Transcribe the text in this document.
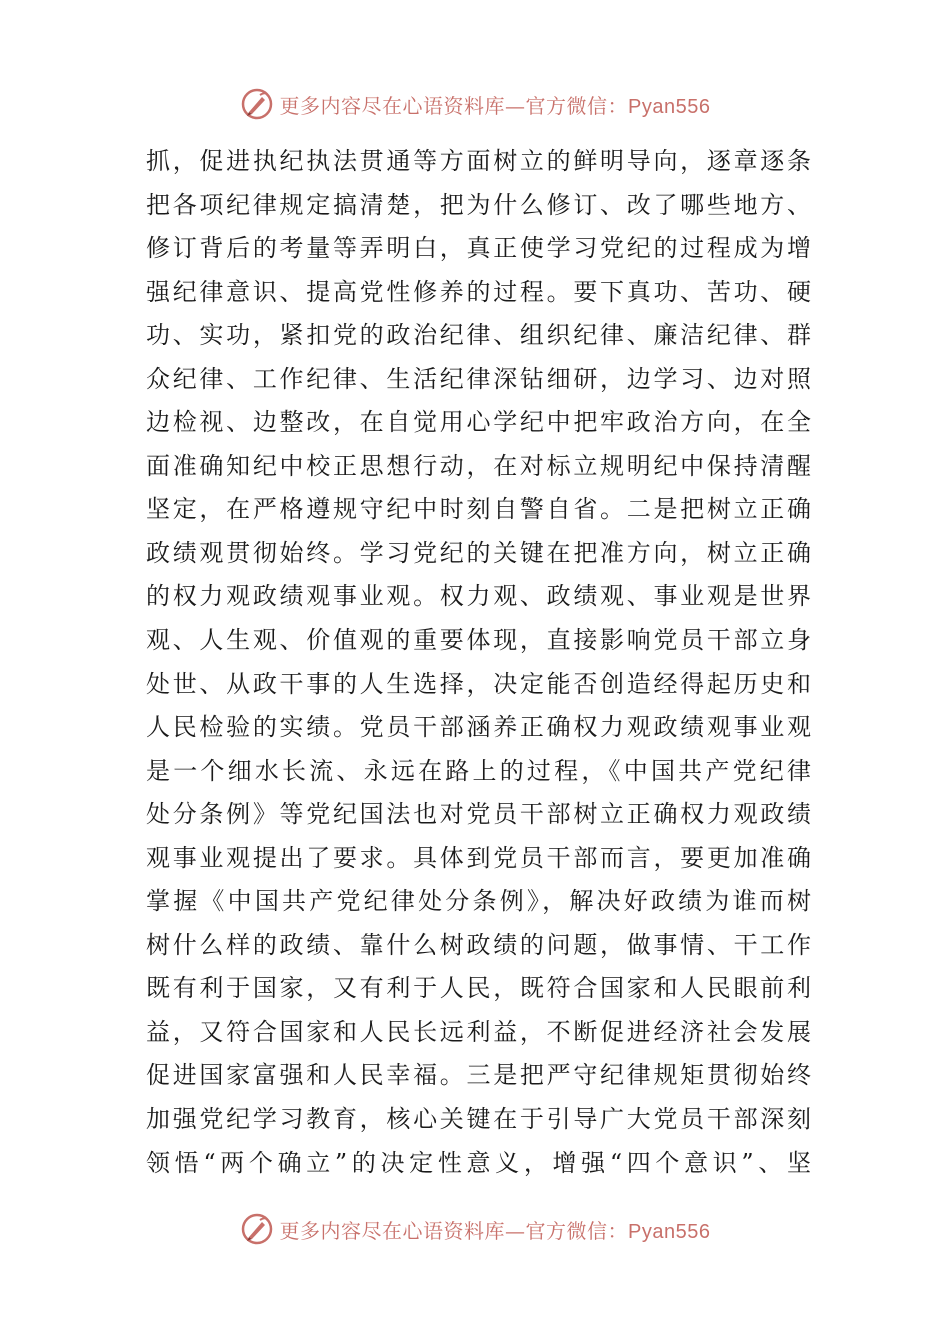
更多内容尽在心语资料库—官方微信：Pyan556
抓，促进执纪执法贯通等方面树立的鲜明导向，逐章逐条
把各项纪律规定搞清楚，把为什么修订、改了哪些地方、
修订背后的考量等弄明白，真正使学习党纪的过程成为增
强纪律意识、提高党性修养的过程。要下真功、苦功、硬
功、实功，紧扣党的政治纪律、组织纪律、廉洁纪律、群
众纪律、工作纪律、生活纪律深钻细研，边学习、边对照
边检视、边整改，在自觉用心学纪中把牢政治方向，在全
面准确知纪中校正思想行动，在对标立规明纪中保持清醒
坚定，在严格遵规守纪中时刻自警自省。二是把树立正确
政绩观贯彻始终。学习党纪的关键在把准方向，树立正确
的权力观政绩观事业观。权力观、政绩观、事业观是世界
观、人生观、价值观的重要体现，直接影响党员干部立身
处世、从政干事的人生选择，决定能否创造经得起历史和
人民检验的实绩。党员干部涵养正确权力观政绩观事业观
是一个细水长流、永远在路上的过程，《中国共产党纪律
处分条例》等党纪国法也对党员干部树立正确权力观政绩
观事业观提出了要求。具体到党员干部而言，要更加准确
掌握《中国共产党纪律处分条例》，解决好政绩为谁而树
树什么样的政绩、靠什么树政绩的问题，做事情、干工作
既有利于国家，又有利于人民，既符合国家和人民眼前利
益，又符合国家和人民长远利益，不断促进经济社会发展
促进国家富强和人民幸福。三是把严守纪律规矩贯彻始终
加强党纪学习教育，核心关键在于引导广大党员干部深刻
领悟“两个确立”的决定性意义，增强“四个意识”、坚
更多内容尽在心语资料库—官方微信：Pyan556
